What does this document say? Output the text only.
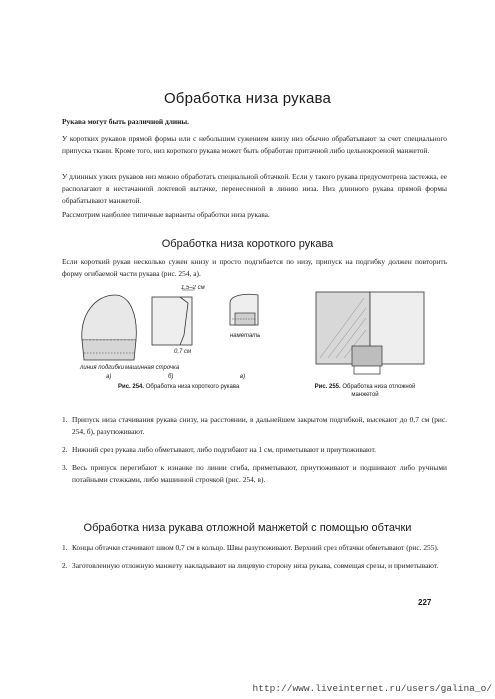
Обработка низа рукава

Рукава могут быть различной длины.

У коротких рукавов прямой формы или с небольшим сужением книзу низ обычно обрабатывают за счет специального припуска ткани. Кроме того, низ короткого рукава может быть обработан притачной либо цельнокроеной манжетой.

У длинных узких рукавов низ можно обработать специальной обтачкой. Если у такого рукава предусмотрена застежка, ее располагают в нестачанной локтевой вытачке, перенесенной в линию низа. Низ длинного рукава прямой формы обрабатывают манжетой.

Рассмотрим наиболее типичные варианты обработки низа рукава.

Обработка низа короткого рукава

Если короткий рукав несколько сужен книзу и просто подгибается по низу, припуск на подгибку должен повторить форму огибаемой части рукава (рис. 254, а).

линия подгибки машинная строчка
а)
1,5–2 см
0,7 см
б)
наметать
в)
Рис. 254. Обработка низа короткого рукава	Рис. 255. Обработка низа отложной манжетой
1. Припуск низа стачивания рукава снизу, на расстоянии, в дальнейшем закрытом подгибкой, высекают до 0,7 см (рис. 254, б), разутюживают.
2. Нижний срез рукава либо обметывают, либо подгибают на 1 см, приметывают и приутюживают.
3. Весь припуск перегибают к изнанке по линии сгиба, приметывают, приутюживают и подшивают либо ручными потайными стежками, либо машинной строчкой (рис. 254, в).
Обработка низа рукава отложной манжетой с помощью обтачки
1. Концы обтачки стачивают швом 0,7 см в кольцо. Швы разутюживают. Верхний срез обтачки обметывают (рис. 255).
2. Заготовленную отложную манжету накладывают на лицевую сторону низа рукава, совмещая срезы, и приметывают.
227
http://www.liveinternet.ru/users/galina_o/
